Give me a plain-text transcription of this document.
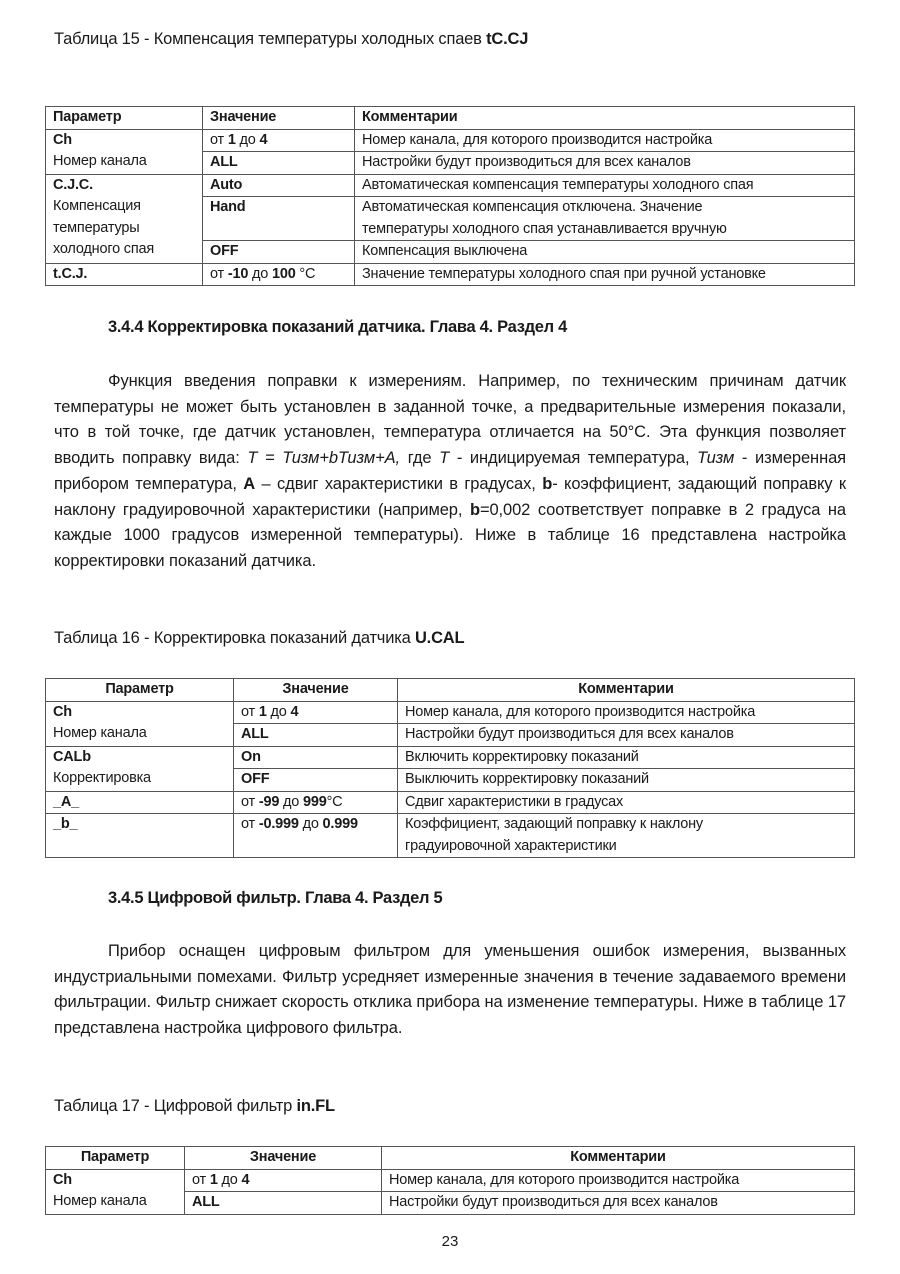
Таблица 15 - Компенсация температуры холодных спаев tC.CJ
Параметр	Значение	Комментарии

Ch
Номер канала	от 1 до 4	Номер канала, для которого производится настройка
	ALL	Настройки будут производиться для всех каналов

C.J.C.
Компенсация
температуры
холодного спая	Auto	Автоматическая компенсация температуры холодного спая
	Hand	Автоматическая компенсация отключена. Значение
температуры холодного спая устанавливается вручную

	OFF	Компенсация выключена
t.C.J.	от -10 до 100 °C	Значение температуры холодного спая при ручной установке
3.4.4 Корректировка показаний датчика. Глава 4. Раздел 4

Функция введения поправки к измерениям. Например, по техническим причинам датчик температуры не может быть установлен в заданной точке, а предварительные измерения показали, что в той точке, где датчик установлен, температура отличается на 50°С. Эта функция позволяет вводить поправку вида: Т = Тизм+bТизм+А, где Т - индицируемая температура, Тизм - измеренная прибором температура, А – сдвиг характеристики в градусах, b- коэффициент, задающий поправку к наклону градуировочной характеристики (например, b=0,002 соответствует поправке в 2 градуса на каждые 1000 градусов измеренной температуры). Ниже в таблице 16 представлена настройка корректировки показаний датчика.

Таблица 16 - Корректировка показаний датчика U.CAL
Параметр	Значение	Комментарии

Ch
Номер канала	от 1 до 4	Номер канала, для которого производится настройка
	ALL	Настройки будут производиться для всех каналов

CALb
Корректировка	On	Включить корректировку показаний
	OFF	Выключить корректировку показаний
_A_	от -99 до 999°C	Сдвиг характеристики в градусах
_b_	от -0.999 до 0.999	Коэффициент, задающий поправку к наклону
градуировочной характеристики
3.4.5 Цифровой фильтр. Глава 4. Раздел 5

Прибор оснащен цифровым фильтром для уменьшения ошибок измерения, вызванных индустриальными помехами. Фильтр усредняет измеренные значения в течение задаваемого времени фильтрации. Фильтр снижает скорость отклика прибора на изменение температуры. Ниже в таблице 17 представлена настройка цифрового фильтра.

Таблица 17 - Цифровой фильтр in.FL
Параметр	Значение	Комментарии

Ch
Номер канала	от 1 до 4	Номер канала, для которого производится настройка
	ALL	Настройки будут производиться для всех каналов
23
